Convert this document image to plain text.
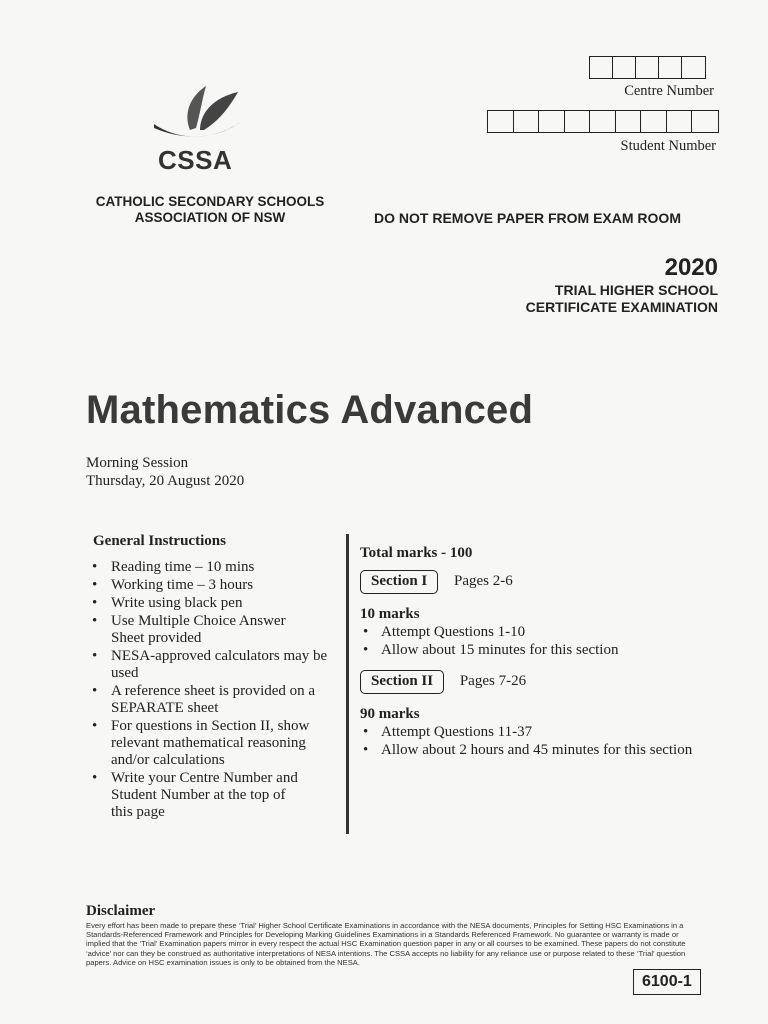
Centre Number
Student Number
CSSA
CATHOLIC SECONDARY SCHOOLS
ASSOCIATION OF NSW	DO NOT REMOVE PAPER FROM EXAM ROOM
2020
TRIAL HIGHER SCHOOL
CERTIFICATE EXAMINATION
Mathematics Advanced
Morning Session
Thursday, 20 August 2020
General Instructions
• Reading time – 10 mins
• Working time – 3 hours
• Write using black pen
• Use Multiple Choice Answer
Sheet provided
• NESA-approved calculators may be
used
• A reference sheet is provided on a
SEPARATE sheet
• For questions in Section II, show
relevant mathematical reasoning
and/or calculations
• Write your Centre Number and
Student Number at the top of
this page
Total marks - 100
Section I Pages 2-6
10 marks
• Attempt Questions 1-10
• Allow about 15 minutes for this section
Section II Pages 7-26
90 marks
• Attempt Questions 11-37
• Allow about 2 hours and 45 minutes for this section
Disclaimer
Every effort has been made to prepare these ‘Trial’ Higher School Certificate Examinations in accordance with the NESA documents, Principles for Setting HSC Examinations in a
Standards-Referenced Framework and Principles for Developing Marking Guidelines Examinations in a Standards Referenced Framework. No guarantee or warranty is made or
implied that the ‘Trial’ Examination papers mirror in every respect the actual HSC Examination question paper in any or all courses to be examined. These papers do not constitute
‘advice’ nor can they be construed as authoritative interpretations of NESA intentions. The CSSA accepts no liability for any reliance use or purpose related to these ‘Trial’ question
papers. Advice on HSC examination issues is only to be obtained from the NESA.
6100-1
